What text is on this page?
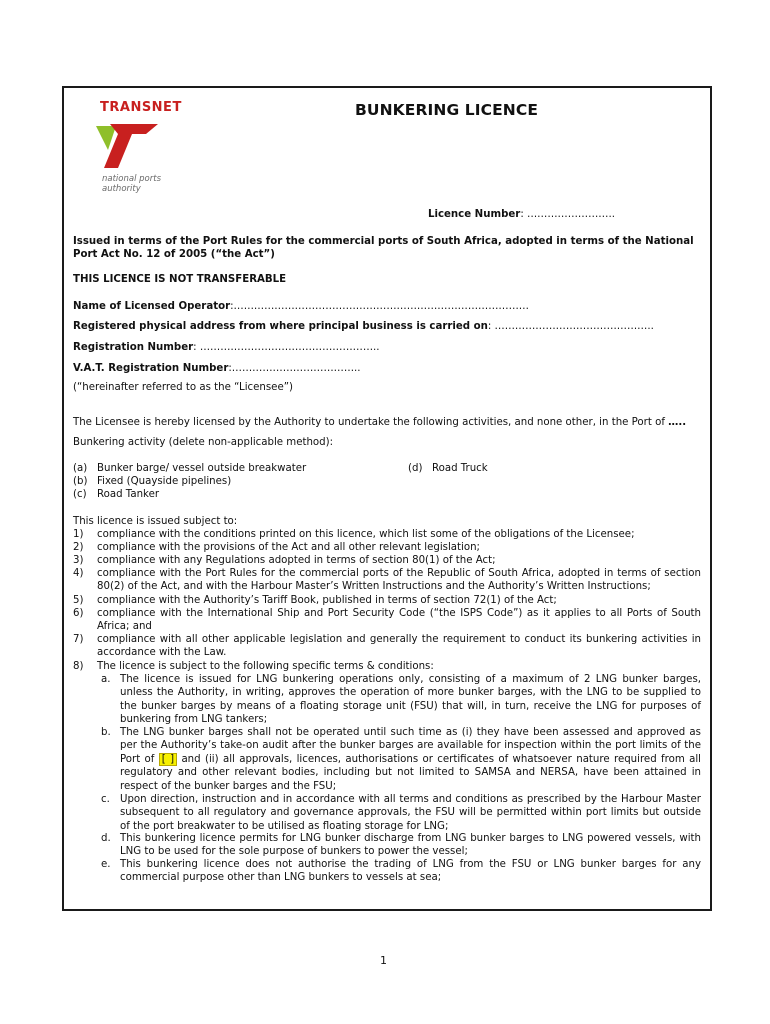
TRANSNET
national ports authority
BUNKERING LICENCE
Licence Number: ……………………..
Issued in terms of the Port Rules for the commercial ports of South Africa, adopted in terms of the National Port Act No. 12 of 2005 (“the Act”)
THIS LICENCE IS NOT TRANSFERABLE
Name of Licensed Operator:……………………………………………………………………………
Registered physical address from where principal business is carried on: ………………………………………..
Registration Number: ……………………………………………..
V.A.T. Registration Number:………………………………..
(“hereinafter referred to as the “Licensee”)
The Licensee is hereby licensed by the Authority to undertake the following activities, and none other, in the Port of …..
Bunkering activity (delete non-applicable method):
(a) Bunker barge/ vessel outside breakwater
(b) Fixed (Quayside pipelines)
(c) Road Tanker
(d) Road Truck
This licence is issued subject to:
1) compliance with the conditions printed on this licence, which list some of the obligations of the Licensee;
2) compliance with the provisions of the Act and all other relevant legislation;
3) compliance with any Regulations adopted in terms of section 80(1) of the Act;
4) compliance with the Port Rules for the commercial ports of the Republic of South Africa, adopted in terms of section 80(2) of the Act, and with the Harbour Master’s Written Instructions and the Authority’s Written Instructions;
5) compliance with the Authority’s Tariff Book, published in terms of section 72(1) of the Act;
6) compliance with the International Ship and Port Security Code (“the ISPS Code”) as it applies to all Ports of South Africa; and
7) compliance with all other applicable legislation and generally the requirement to conduct its bunkering activities in accordance with the Law.
8) The licence is subject to the following specific terms & conditions:
a. The licence is issued for LNG bunkering operations only, consisting of a maximum of 2 LNG bunker barges, unless the Authority, in writing, approves the operation of more bunker barges, with the LNG to be supplied to the bunker barges by means of a floating storage unit (FSU) that will, in turn, receive the LNG for purposes of bunkering from LNG tankers;
b. The LNG bunker barges shall not be operated until such time as (i) they have been assessed and approved as per the Authority’s take-on audit after the bunker barges are available for inspection within the port limits of the Port of [ ] and (ii) all approvals, licences, authorisations or certificates of whatsoever nature required from all regulatory and other relevant bodies, including but not limited to SAMSA and NERSA, have been attained in respect of the bunker barges and the FSU;
c. Upon direction, instruction and in accordance with all terms and conditions as prescribed by the Harbour Master subsequent to all regulatory and governance approvals, the FSU will be permitted within port limits but outside of the port breakwater to be utilised as floating storage for LNG;
d. This bunkering licence permits for LNG bunker discharge from LNG bunker barges to LNG powered vessels, with LNG to be used for the sole purpose of bunkers to power the vessel;
e. This bunkering licence does not authorise the trading of LNG from the FSU or LNG bunker barges for any commercial purpose other than LNG bunkers to vessels at sea;
1
